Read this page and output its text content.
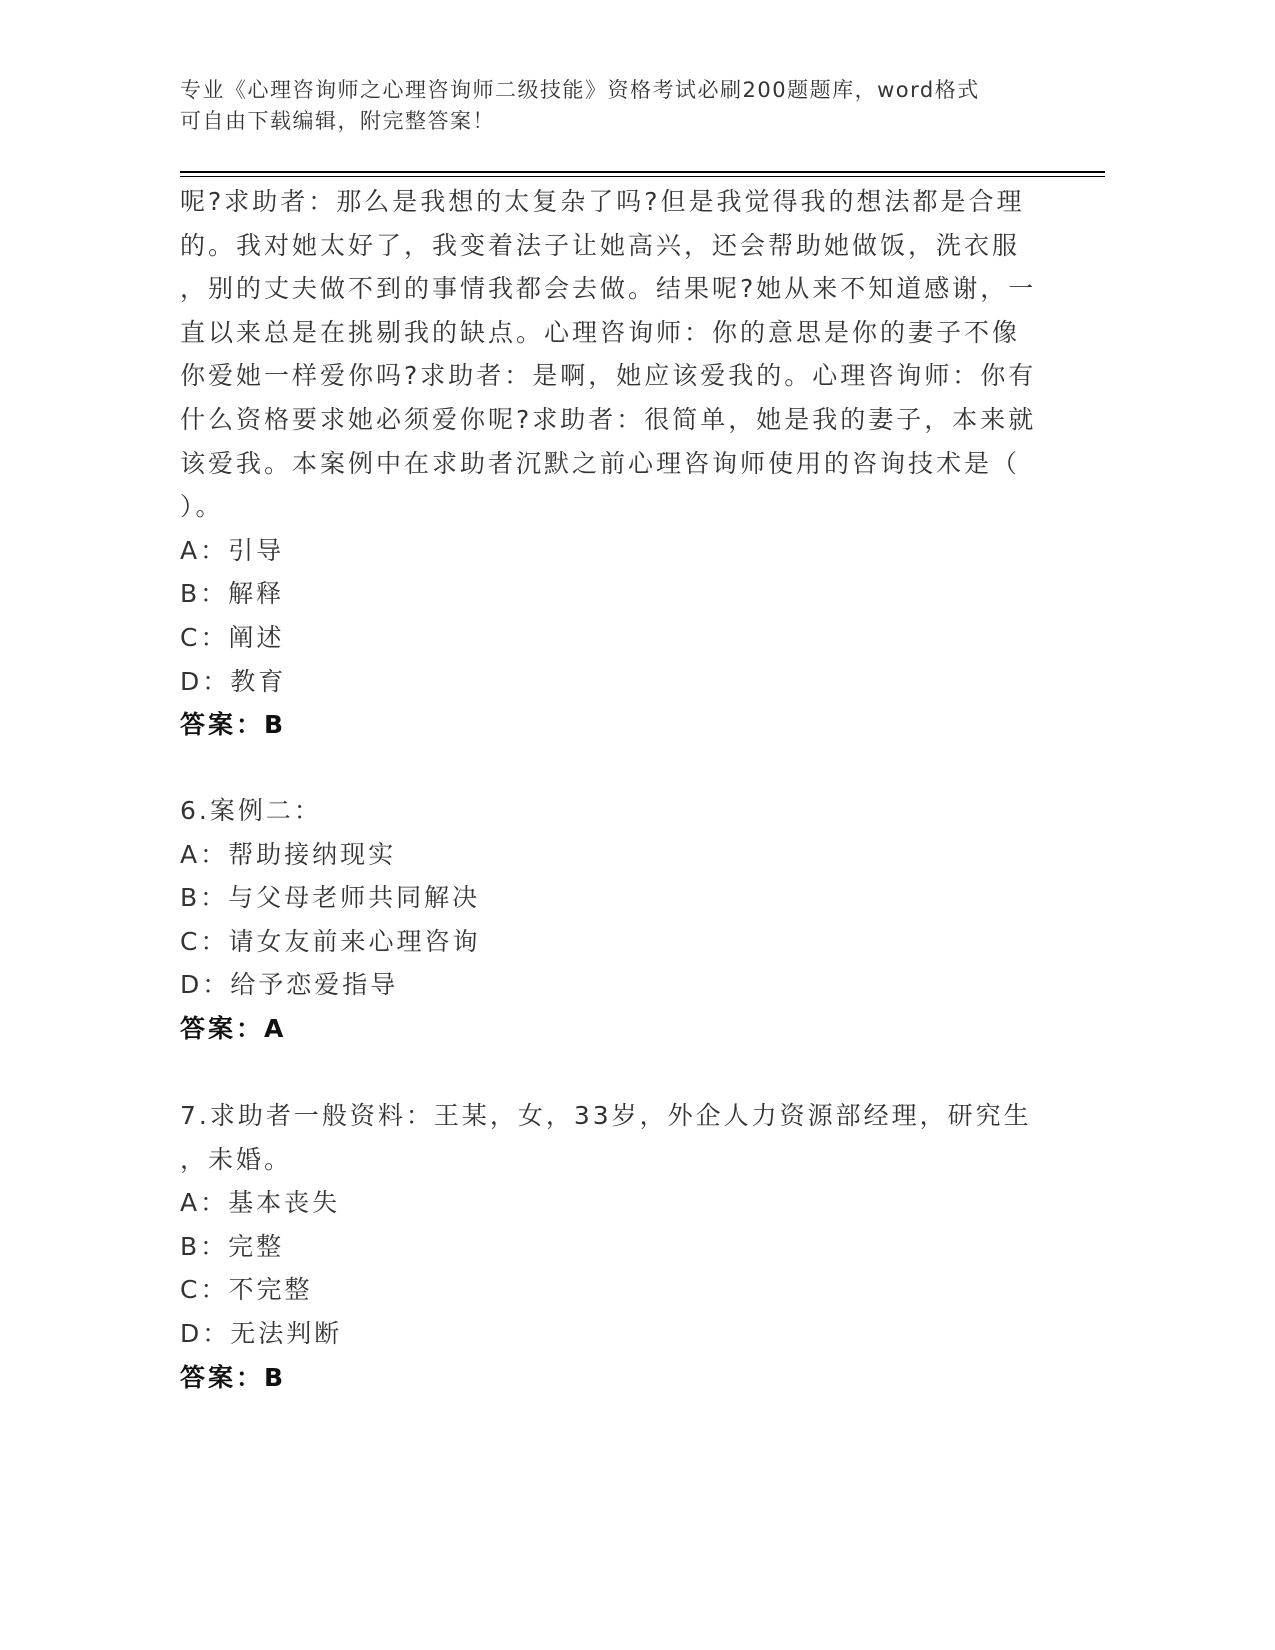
专业《心理咨询师之心理咨询师二级技能》资格考试必刷200题题库，word格式
可自由下载编辑，附完整答案！
呢?求助者：那么是我想的太复杂了吗?但是我觉得我的想法都是合理
的。我对她太好了，我变着法子让她高兴，还会帮助她做饭，洗衣服
，别的丈夫做不到的事情我都会去做。结果呢?她从来不知道感谢，一
直以来总是在挑剔我的缺点。心理咨询师：你的意思是你的妻子不像
你爱她一样爱你吗?求助者：是啊，她应该爱我的。心理咨询师：你有
什么资格要求她必须爱你呢?求助者：很简单，她是我的妻子，本来就
该爱我。本案例中在求助者沉默之前心理咨询师使用的咨询技术是（
）。
A：引导
B：解释
C：阐述
D：教育
答案：B
6.案例二：
A：帮助接纳现实
B：与父母老师共同解决
C：请女友前来心理咨询
D：给予恋爱指导
答案：A
7.求助者一般资料：王某，女，33岁，外企人力资源部经理，研究生
，未婚。
A：基本丧失
B：完整
C：不完整
D：无法判断
答案：B
